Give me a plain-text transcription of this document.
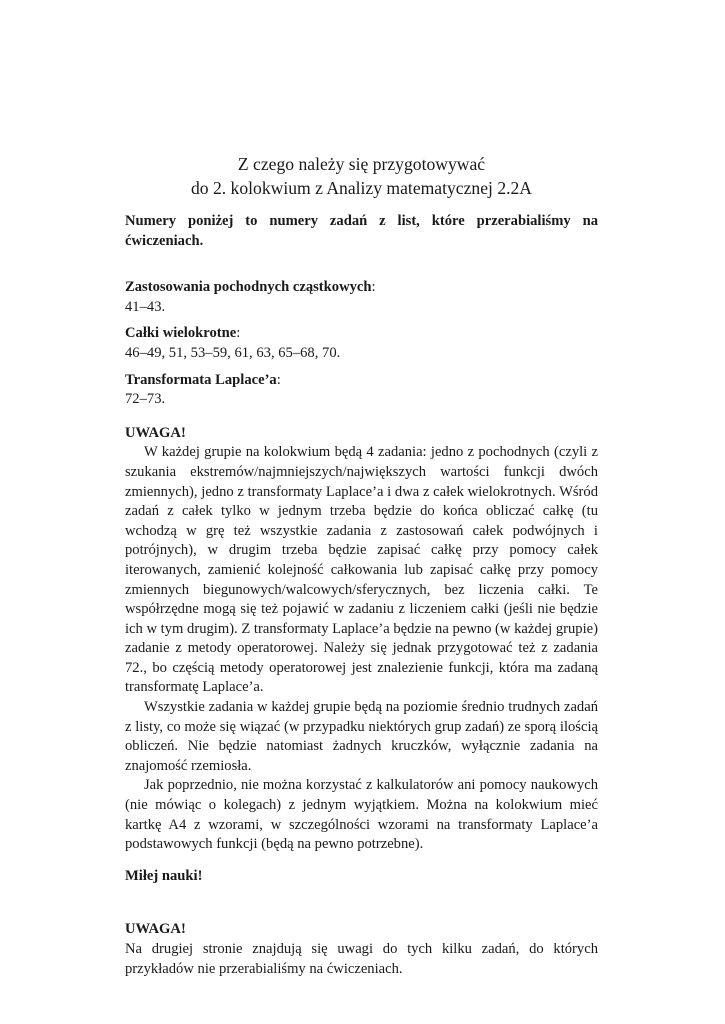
Z czego należy się przygotowywać
do 2. kolokwium z Analizy matematycznej 2.2A

Numery poniżej to numery zadań z list, które przerabialiśmy na ćwiczeniach.

Zastosowania pochodnych cząstkowych:
41–43.
Całki wielokrotne:
46–49, 51, 53–59, 61, 63, 65–68, 70.
Transformata Laplace’a:
72–73.
UWAGA!

W każdej grupie na kolokwium będą 4 zadania: jedno z pochodnych (czyli z szukania ekstremów/najmniejszych/największych wartości funkcji dwóch zmiennych), jedno z transformaty Laplace’a i dwa z całek wielokrotnych. Wśród zadań z całek tylko w jednym trzeba będzie do końca obliczać całkę (tu wchodzą w grę też wszystkie zadania z zastosowań całek podwójnych i potrójnych), w drugim trzeba będzie zapisać całkę przy pomocy całek iterowanych, zamienić kolejność całkowania lub zapisać całkę przy pomocy zmiennych biegunowych/walcowych/sferycznych, bez liczenia całki. Te współrzędne mogą się też pojawić w zadaniu z liczeniem całki (jeśli nie będzie ich w tym drugim). Z transformaty Laplace’a będzie na pewno (w każdej grupie) zadanie z metody operatorowej. Należy się jednak przygotować też z zadania 72., bo częścią metody operatorowej jest znalezienie funkcji, która ma zadaną transformatę Laplace’a.

Wszystkie zadania w każdej grupie będą na poziomie średnio trudnych zadań z listy, co może się wiązać (w przypadku niektórych grup zadań) ze sporą ilością obliczeń. Nie będzie natomiast żadnych kruczków, wyłącznie zadania na znajomość rzemiosła.

Jak poprzednio, nie można korzystać z kalkulatorów ani pomocy naukowych (nie mówiąc o kolegach) z jednym wyjątkiem. Można na kolokwium mieć kartkę A4 z wzorami, w szczególności wzorami na transformaty Laplace’a podstawowych funkcji (będą na pewno potrzebne).

Miłej nauki!
UWAGA!

Na drugiej stronie znajdują się uwagi do tych kilku zadań, do których przykładów nie przerabialiśmy na ćwiczeniach.
